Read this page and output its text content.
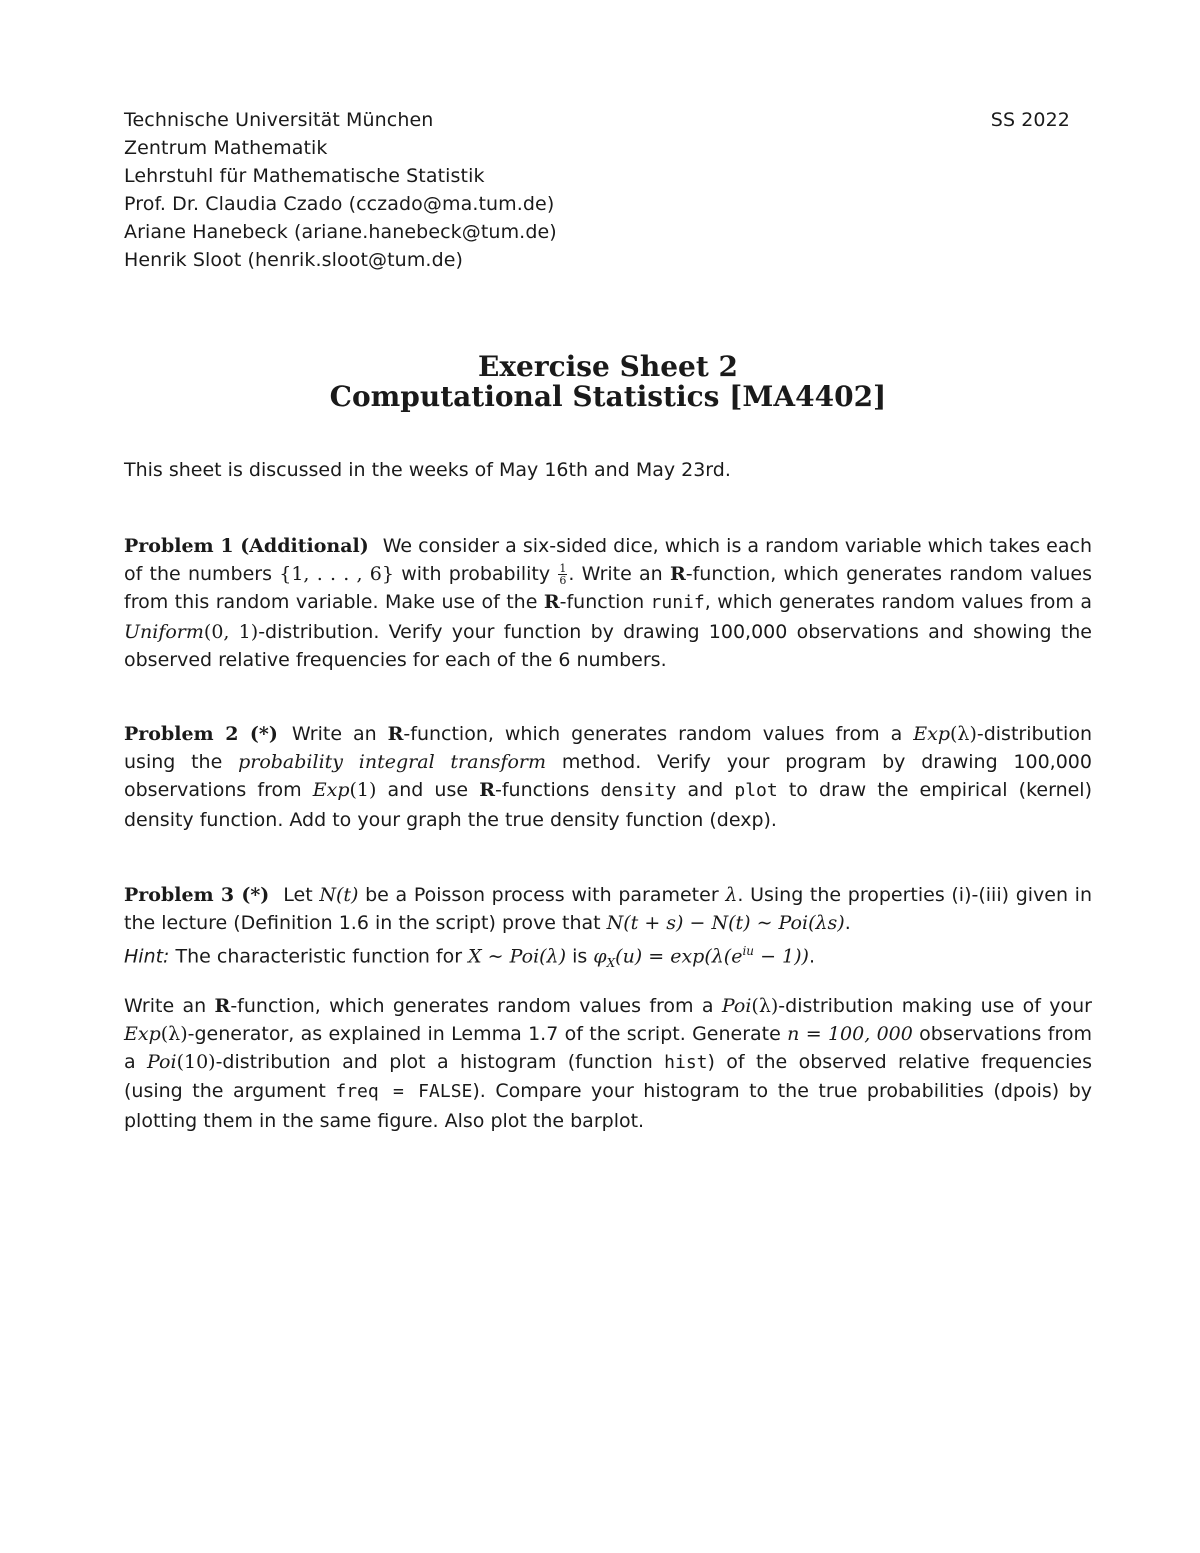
SS 2022
Technische Universität München
Zentrum Mathematik
Lehrstuhl für Mathematische Statistik
Prof. Dr. Claudia Czado (cczado@ma.tum.de)
Ariane Hanebeck (ariane.hanebeck@tum.de)
Henrik Sloot (henrik.sloot@tum.de)
Exercise Sheet 2
Computational Statistics [MA4402]
This sheet is discussed in the weeks of May 16th and May 23rd.
Problem 1 (Additional) We consider a six-sided dice, which is a random variable which takes each of the numbers {1, . . . , 6} with probability $\frac{1}{6}$ . Write an R-function, which generates random values from this random variable. Make use of the R-function runif, which generates random values from a Uniform(0, 1)-distribution. Verify your function by drawing 100,000 observations and showing the observed relative frequencies for each of the 6 numbers.
Problem 2 (*) Write an R-function, which generates random values from a Exp(λ)-distribution using the probability integral transform method. Verify your program by drawing 100,000 observations from Exp(1) and use R-functions density and plot to draw the empirical (kernel) density function. Add to your graph the true density function (dexp).
Problem 3 (*) Let N(t) be a Poisson process with parameter λ. Using the properties (i)-(iii) given in the lecture (Definition 1.6 in the script) prove that N(t + s) − N(t) ∼ Poi(λs).
Hint: The characteristic function for X ∼ Poi(λ) is $\varphi_X(u) = \exp(\lambda(e^{iu} - 1))$.
Write an R-function, which generates random values from a Poi(λ)-distribution making use of your Exp(λ)-generator, as explained in Lemma 1.7 of the script. Generate n = 100, 000 observations from a Poi(10)-distribution and plot a histogram (function hist) of the observed relative frequencies (using the argument freq = FALSE). Compare your histogram to the true probabilities (dpois) by plotting them in the same figure. Also plot the barplot.
